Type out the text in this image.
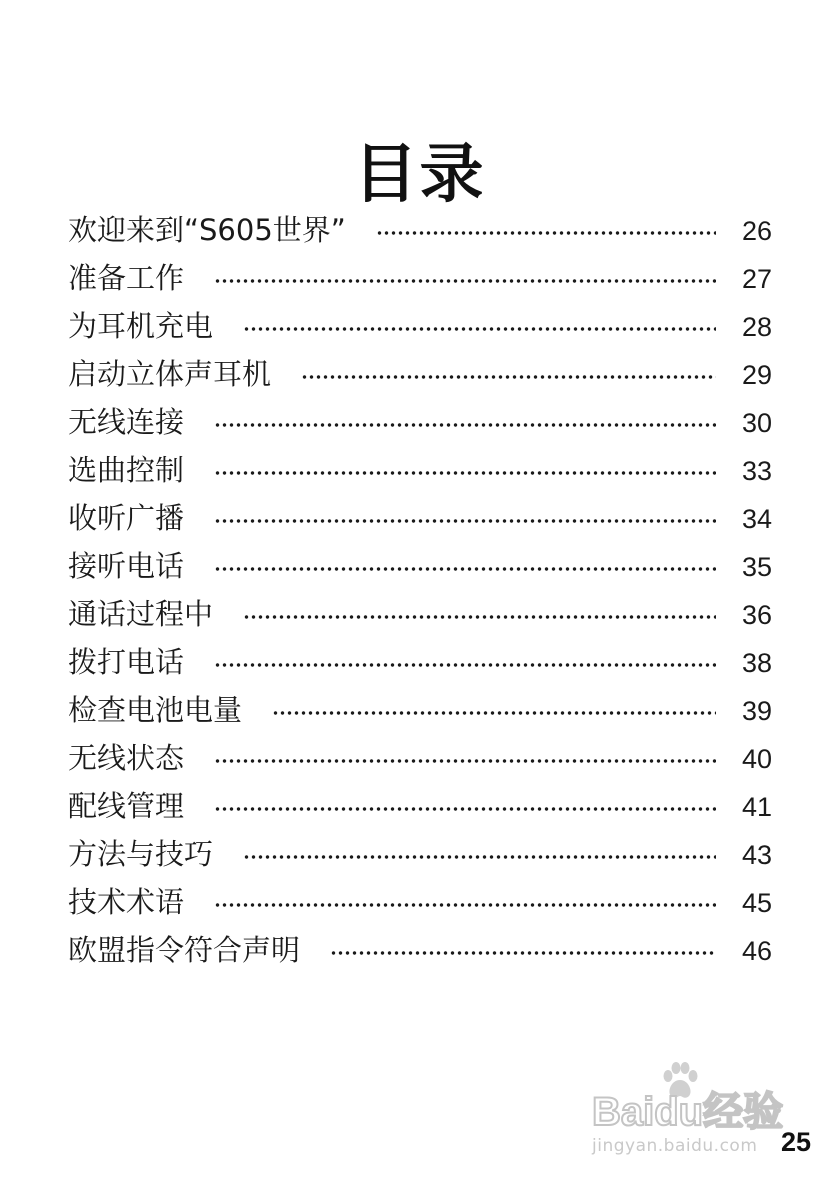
目录
欢迎来到“S605世界”	26
准备工作	27
为耳机充电	28
启动立体声耳机	29
无线连接	30
选曲控制	33
收听广播	34
接听电话	35
通话过程中	36
拨打电话	38
检查电池电量	39
无线状态	40
配线管理	41
方法与技巧	43
技术术语	45
欧盟指令符合声明	46
Baidu经验
jingyan.baidu.com 25
